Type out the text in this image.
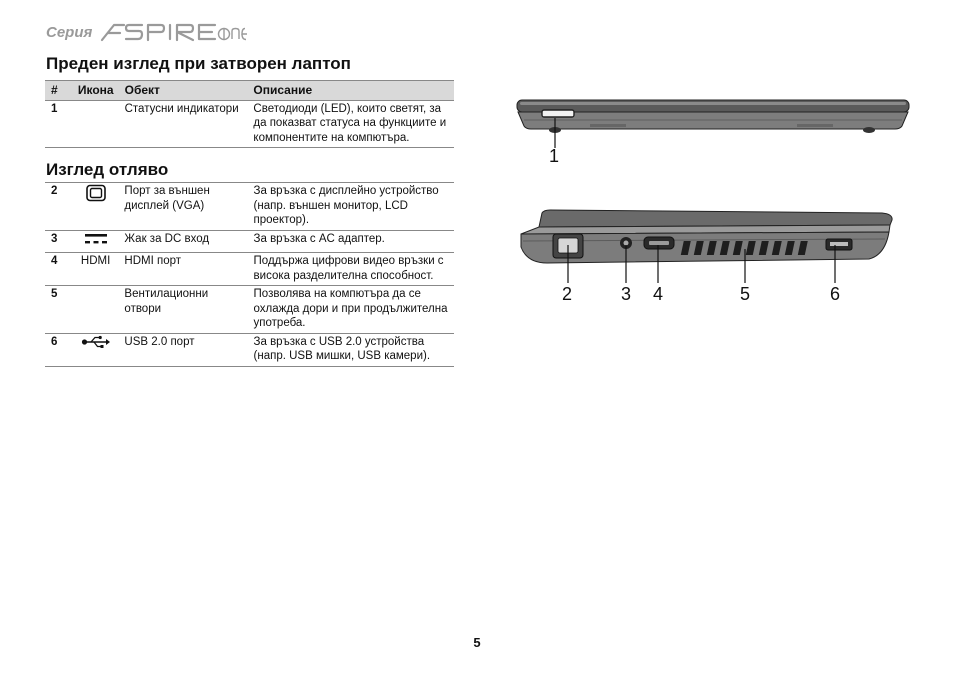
Серия
Преден изглед при затворен лаптоп
#	Икона	Обект	Описание
1		Статусни индикатори	Светодиоди (LED), които светят, за да показват статуса на функциите и компонентите на компютъра.
Изглед отляво
2		Порт за външен дисплей (VGA)	За връзка с дисплейно устройство (напр. външен монитор, LCD проектор).
3		Жак за DC вход	За връзка с AC адаптер.
4	HDMI	HDMI порт	Поддържа цифрови видео връзки с висока разделителна способност.
5		Вентилационни отвори	Позволява на компютъра да се охлажда дори и при продължителна употреба.
6		USB 2.0 порт	За връзка с USB 2.0 устройства (напр. USB мишки, USB камери).
1
2	3 4	5	6
5
